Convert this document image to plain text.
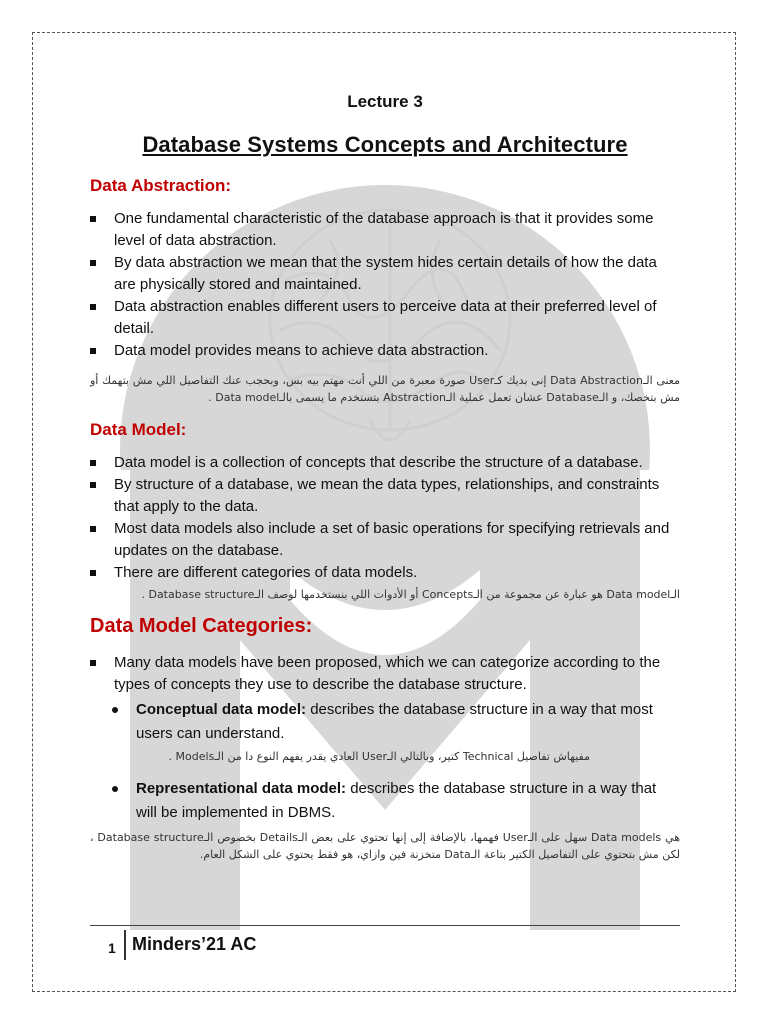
Lecture 3
Database Systems Concepts and Architecture
Data Abstraction:
One fundamental characteristic of the database approach is that it provides some level of data abstraction.
By data abstraction we mean that the system hides certain details of how the data are physically stored and maintained.
Data abstraction enables different users to perceive data at their preferred level of detail.
Data model provides means to achieve data abstraction.
معنى الـData Abstraction إنى بديك كـUser صورة معبرة من اللي أنت مهتم بيه بس، وبحجب عنك التفاصيل اللي مش بتهمك أو مش بتخصك، و الـDatabase عشان تعمل عملية الـAbstraction بتستخدم ما يسمى بالـData model .
Data Model:
Data model is a collection of concepts that describe the structure of a database.
By structure of a database, we mean the data types, relationships, and constraints that apply to the data.
Most data models also include a set of basic operations for specifying retrievals and updates on the database.
There are different categories of data models.
الـData model هو عبارة عن مجموعة من الـConcepts أو الأدوات اللي بنستخدمها لوصف الـDatabase structure .
Data Model Categories:
Many data models have been proposed, which we can categorize according to the types of concepts they use to describe the database structure.
Conceptual data model: describes the database structure in a way that most users can understand.
مفيهاش تفاصيل Technical كتير، وبالتالي الـUser العادي يقدر يفهم النوع دا من الـModels .
Representational data model: describes the database structure in a way that will be implemented in DBMS.
هي Data models سهل على الـUser فهمها، بالإضافة إلى إنها تحتوي على بعض الـDetails بخصوص الـDatabase structure ، لكن مش بتحتوي على التفاصيل الكتير بتاعة الـData متخزنة فين وازاي، هو فقط يحتوي على الشكل العام.
1 Minders’21 AC
